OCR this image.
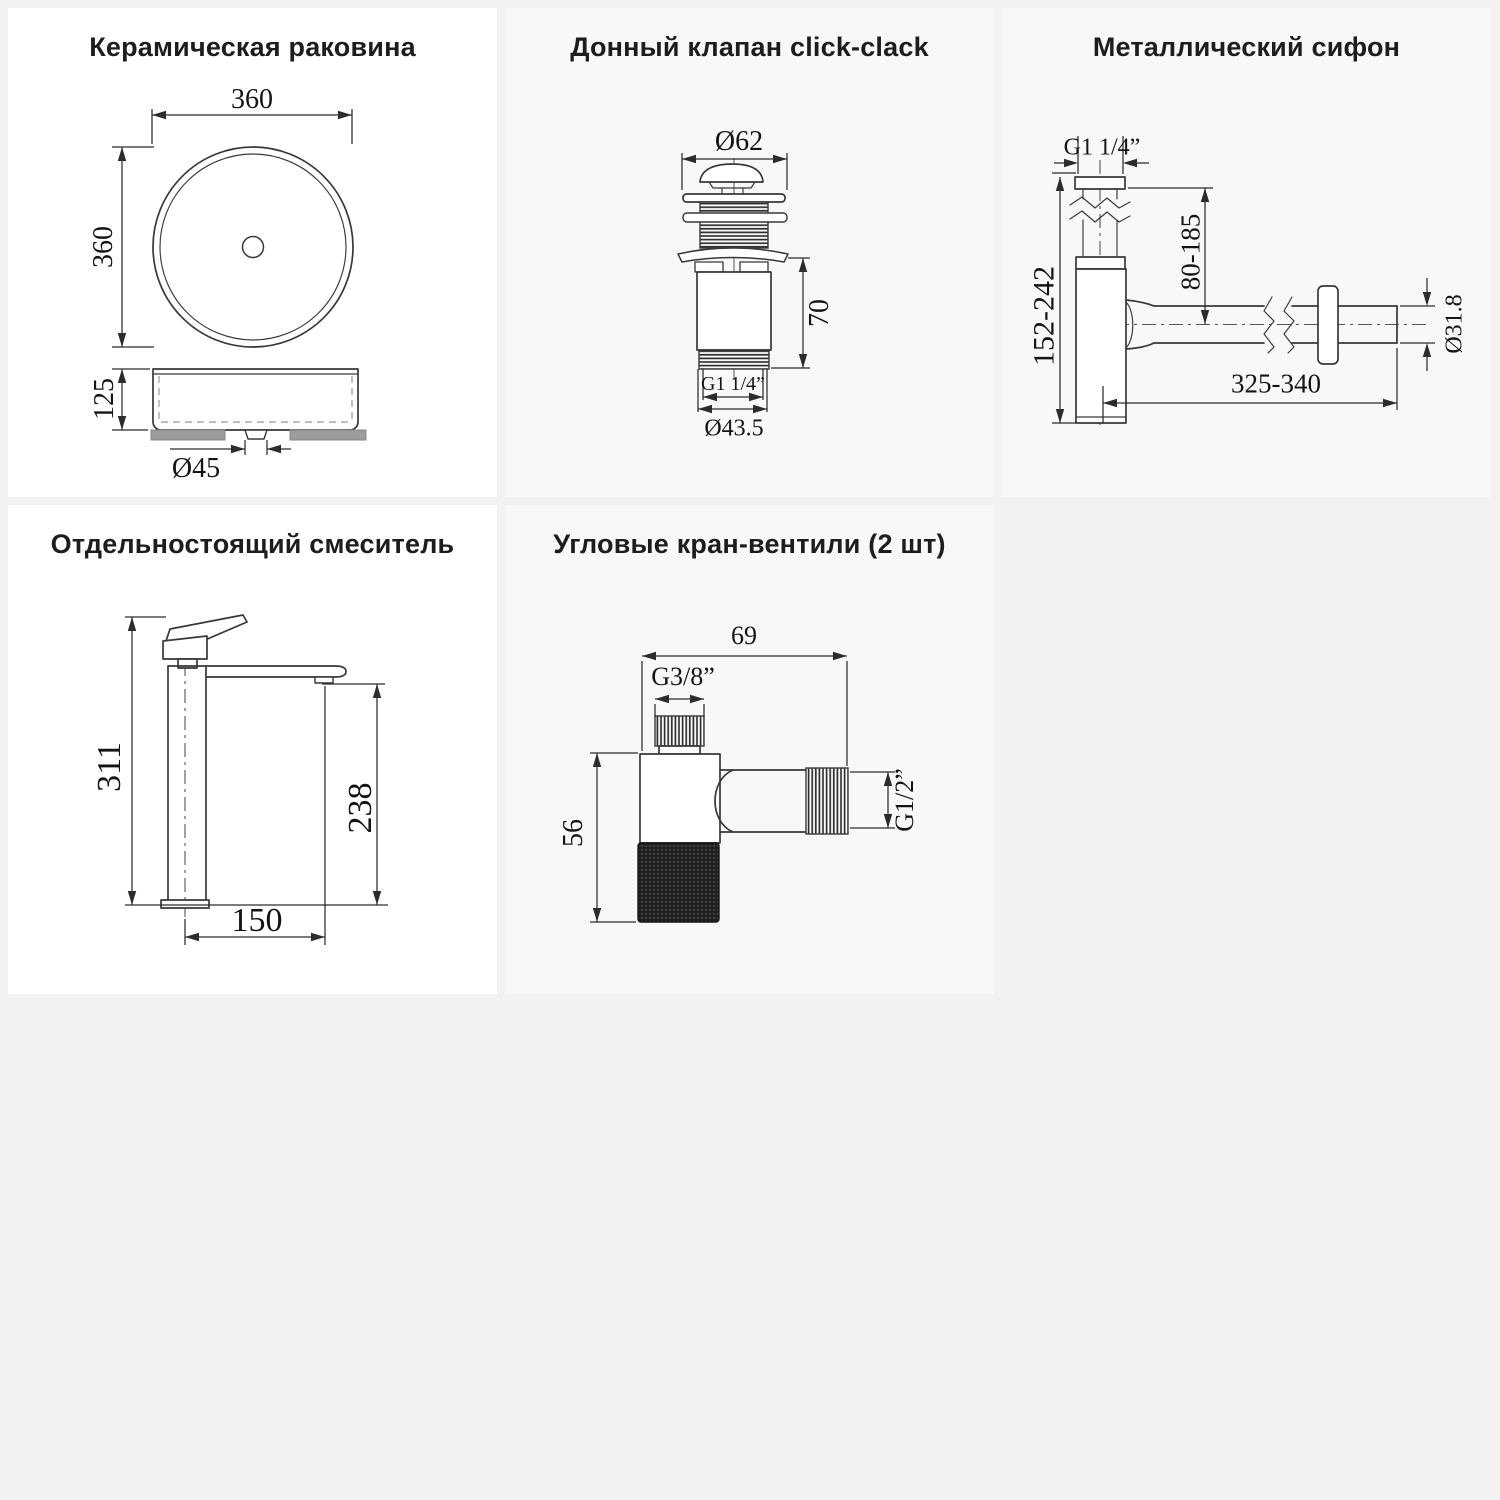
Керамическая раковина
360
360
125
Ø45
Донный клапан click-clack
Ø62
70
G1 1/4”
Ø43.5
Металлический сифон
G1 1/4”
152-242
80-185
Ø31.8
325-340
Отдельностоящий смеситель
311
238
150
Угловые кран-вентили (2 шт)
69
G3/8”
56
G1/2”
